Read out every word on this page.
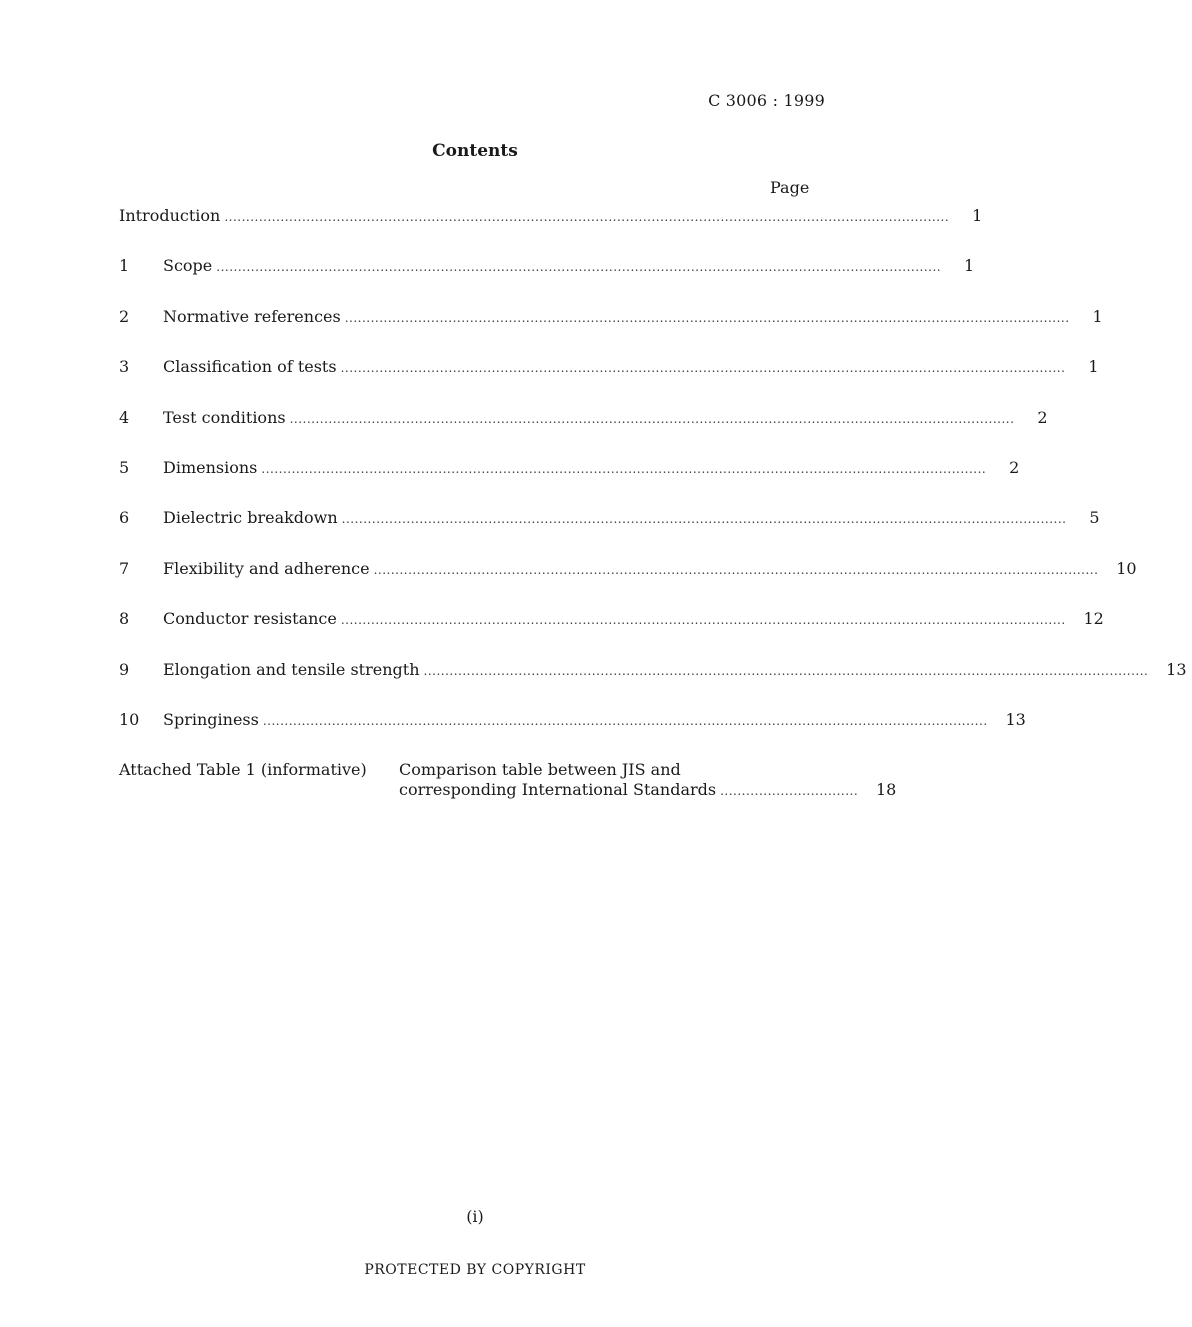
C 3006 : 1999
Contents
Page
Introduction ........................................................................................................................................................................	1
1	Scope ........................................................................................................................................................................	1
2	Normative references ........................................................................................................................................................................	1
3	Classification of tests ........................................................................................................................................................................	1
4	Test conditions ........................................................................................................................................................................	2
5	Dimensions ........................................................................................................................................................................	2
6	Dielectric breakdown ........................................................................................................................................................................	5
7	Flexibility and adherence ........................................................................................................................................................................	10
8	Conductor resistance ........................................................................................................................................................................	12
9	Elongation and tensile strength ........................................................................................................................................................................	13
10	Springiness ........................................................................................................................................................................	13
Attached Table 1 (informative) Comparison table between JIS and
corresponding International Standards ................................	18
(i)
PROTECTED BY COPYRIGHT
